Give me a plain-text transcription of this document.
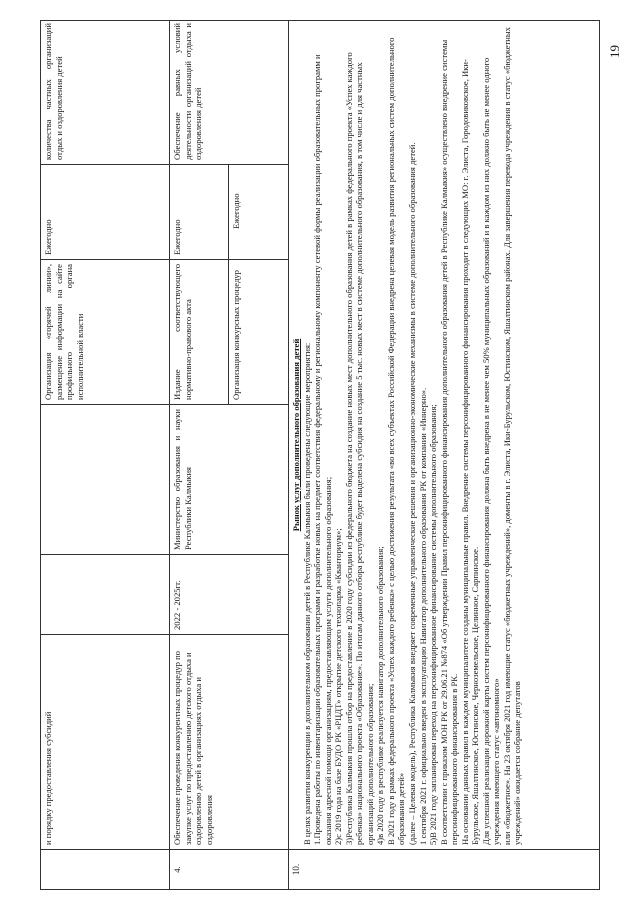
и порядку предоставления субсидий
Организация «горячей линии», размещение информации на сайте профильного органа исполнительной власти
Ежегодно
количества частных организаций отдых и оздоровления детей
4.
Обеспечение проведения конкурентных процедур по закупке услуг по предоставлению детского отдыха и оздоровлению детей в организациях отдыха и оздоровления
2022 - 2025гг.
Министерство образования и науки Республики Калмыкия
Издание соответствующего нормативно-правового акта	Организация конкурсных процедур
Ежегодно
Ежегодно
Обеспечение равных условий деятельности организаций отдыха и оздоровления детей
10.
Рынок услуг дополнительного образования детей В целях развития конкуренции в дополнительном образовании детей в Республике Калмыкия были проведены следующие мероприятия: 1.Проведена работы по инвентаризации образовательных программ и разработке новых на предмет соответствия федеральному и региональному компоненту сетевой формы реализации образовательных программ и оказания адресной помощи организациям, предоставляющим услуги дополнительного образования; 2)с 2019 года на базе БУДО РК «РЦДТ» открытие детского технопарка «Кванториум»; 3)Республика Калмыкия прошла отбор на предоставление в 2020 году субсидии из федерального бюджета на создание новых мест дополнительного образования детей в рамках федерального проекта «Успех каждого ребенка» национального проекта «Образование». По итогам данного отбора республике будет выделена субсидия на создание 5 тыс. новых мест в системе дополнительного образования, в том числе и для частных организаций дополнительного образования; 4)в 2020 году в республике реализуется навигатор дополнительного образования; В 2021 году в рамках федерального проекта «Успех каждого ребенка» с целью достижения результата «во всех субъектах Российской Федерации внедрена целевая модель развития региональных систем дополнительного образования детей» (далее – Целевая модель), Республика Калмыкия внедряет современные управленческие решения и организационно-экономические механизмы в системе дополнительного образования детей. 1 сентября 2021 г. официально введен в эксплуатацию Навигатор дополнительного образования РК от компании «Иннерно». 5)В 2021 году запланирован переход на персонифицированное финансирование системы дополнительного образования; В соответствии с приказом МОН РК от 29.06.21 №874 «Об утверждении Правил персонифицированного финансирования дополнительного образования детей в Республике Калмыкия» осуществлено внедрение системы персонифицированного финансирования в РК. На основании данных правил в каждом муниципалитете созданы муниципальные правил. Внедрение системы персонифицированного финансирования проходит в следующих МО: г. Элиста, Городовиковское, Ики-Бурульское, Яшалтинское, Юстинское, Черноземельское, Целинное, Сарпинское. Для успешной реализации дорожной карты систем персонифицированного финансирования должна быть внедрена в не менее чем 50% муниципальных образований и в каждом из них должно быть не менее одного учреждения имеющего статус «автономного» или «бюджетное». На 23 октября 2021 год имеющие статус «бюджетных учреждений», доменты в г. Элиста, Ики-Бурульском, Юстинском, Яшалтинском районах. Для завершения перевода учреждения в статус «бюджетных учреждений» ожидается собрание депутатов

19
